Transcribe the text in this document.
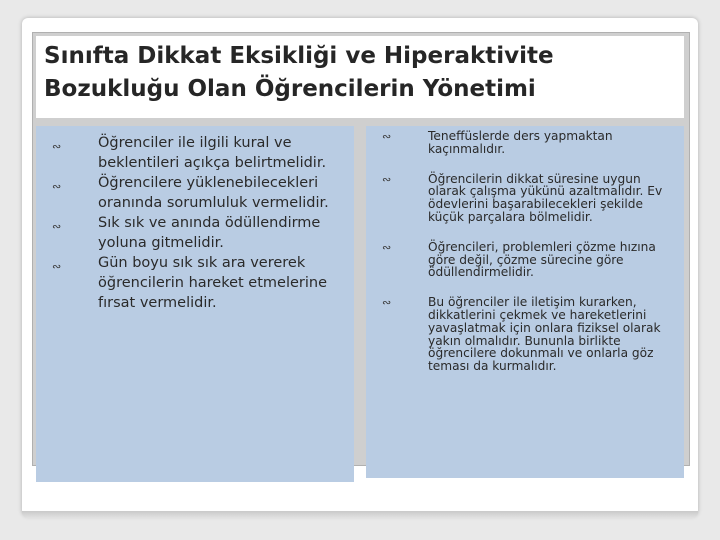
Sınıfta Dikkat Eksikliği ve Hiperaktivite
Bozukluğu Olan Öğrencilerin Yönetimi
∾	Öğrenciler ile ilgili kural ve beklentileri açıkça belirtmelidir.
∾	Öğrencilere yüklenebilecekleri oranında sorumluluk vermelidir.
∾	Sık sık ve anında ödüllendirme yoluna gitmelidir.
∾	Gün boyu sık sık ara vererek öğrencilerin hareket etmelerine fırsat vermelidir.
∾	Teneffüslerde ders yapmaktan kaçınmalıdır.
∾	Öğrencilerin dikkat süresine uygun olarak çalışma yükünü azaltmalıdır. Ev ödevlerini başarabilecekleri şekilde küçük parçalara bölmelidir.
∾	Öğrencileri, problemleri çözme hızına göre değil, çözme sürecine göre ödüllendirmelidir.
∾	Bu öğrenciler ile iletişim kurarken, dikkatlerini çekmek ve hareketlerini yavaşlatmak için onlara fiziksel olarak yakın olmalıdır. Bununla birlikte öğrencilere dokunmalı ve onlarla göz teması da kurmalıdır.
